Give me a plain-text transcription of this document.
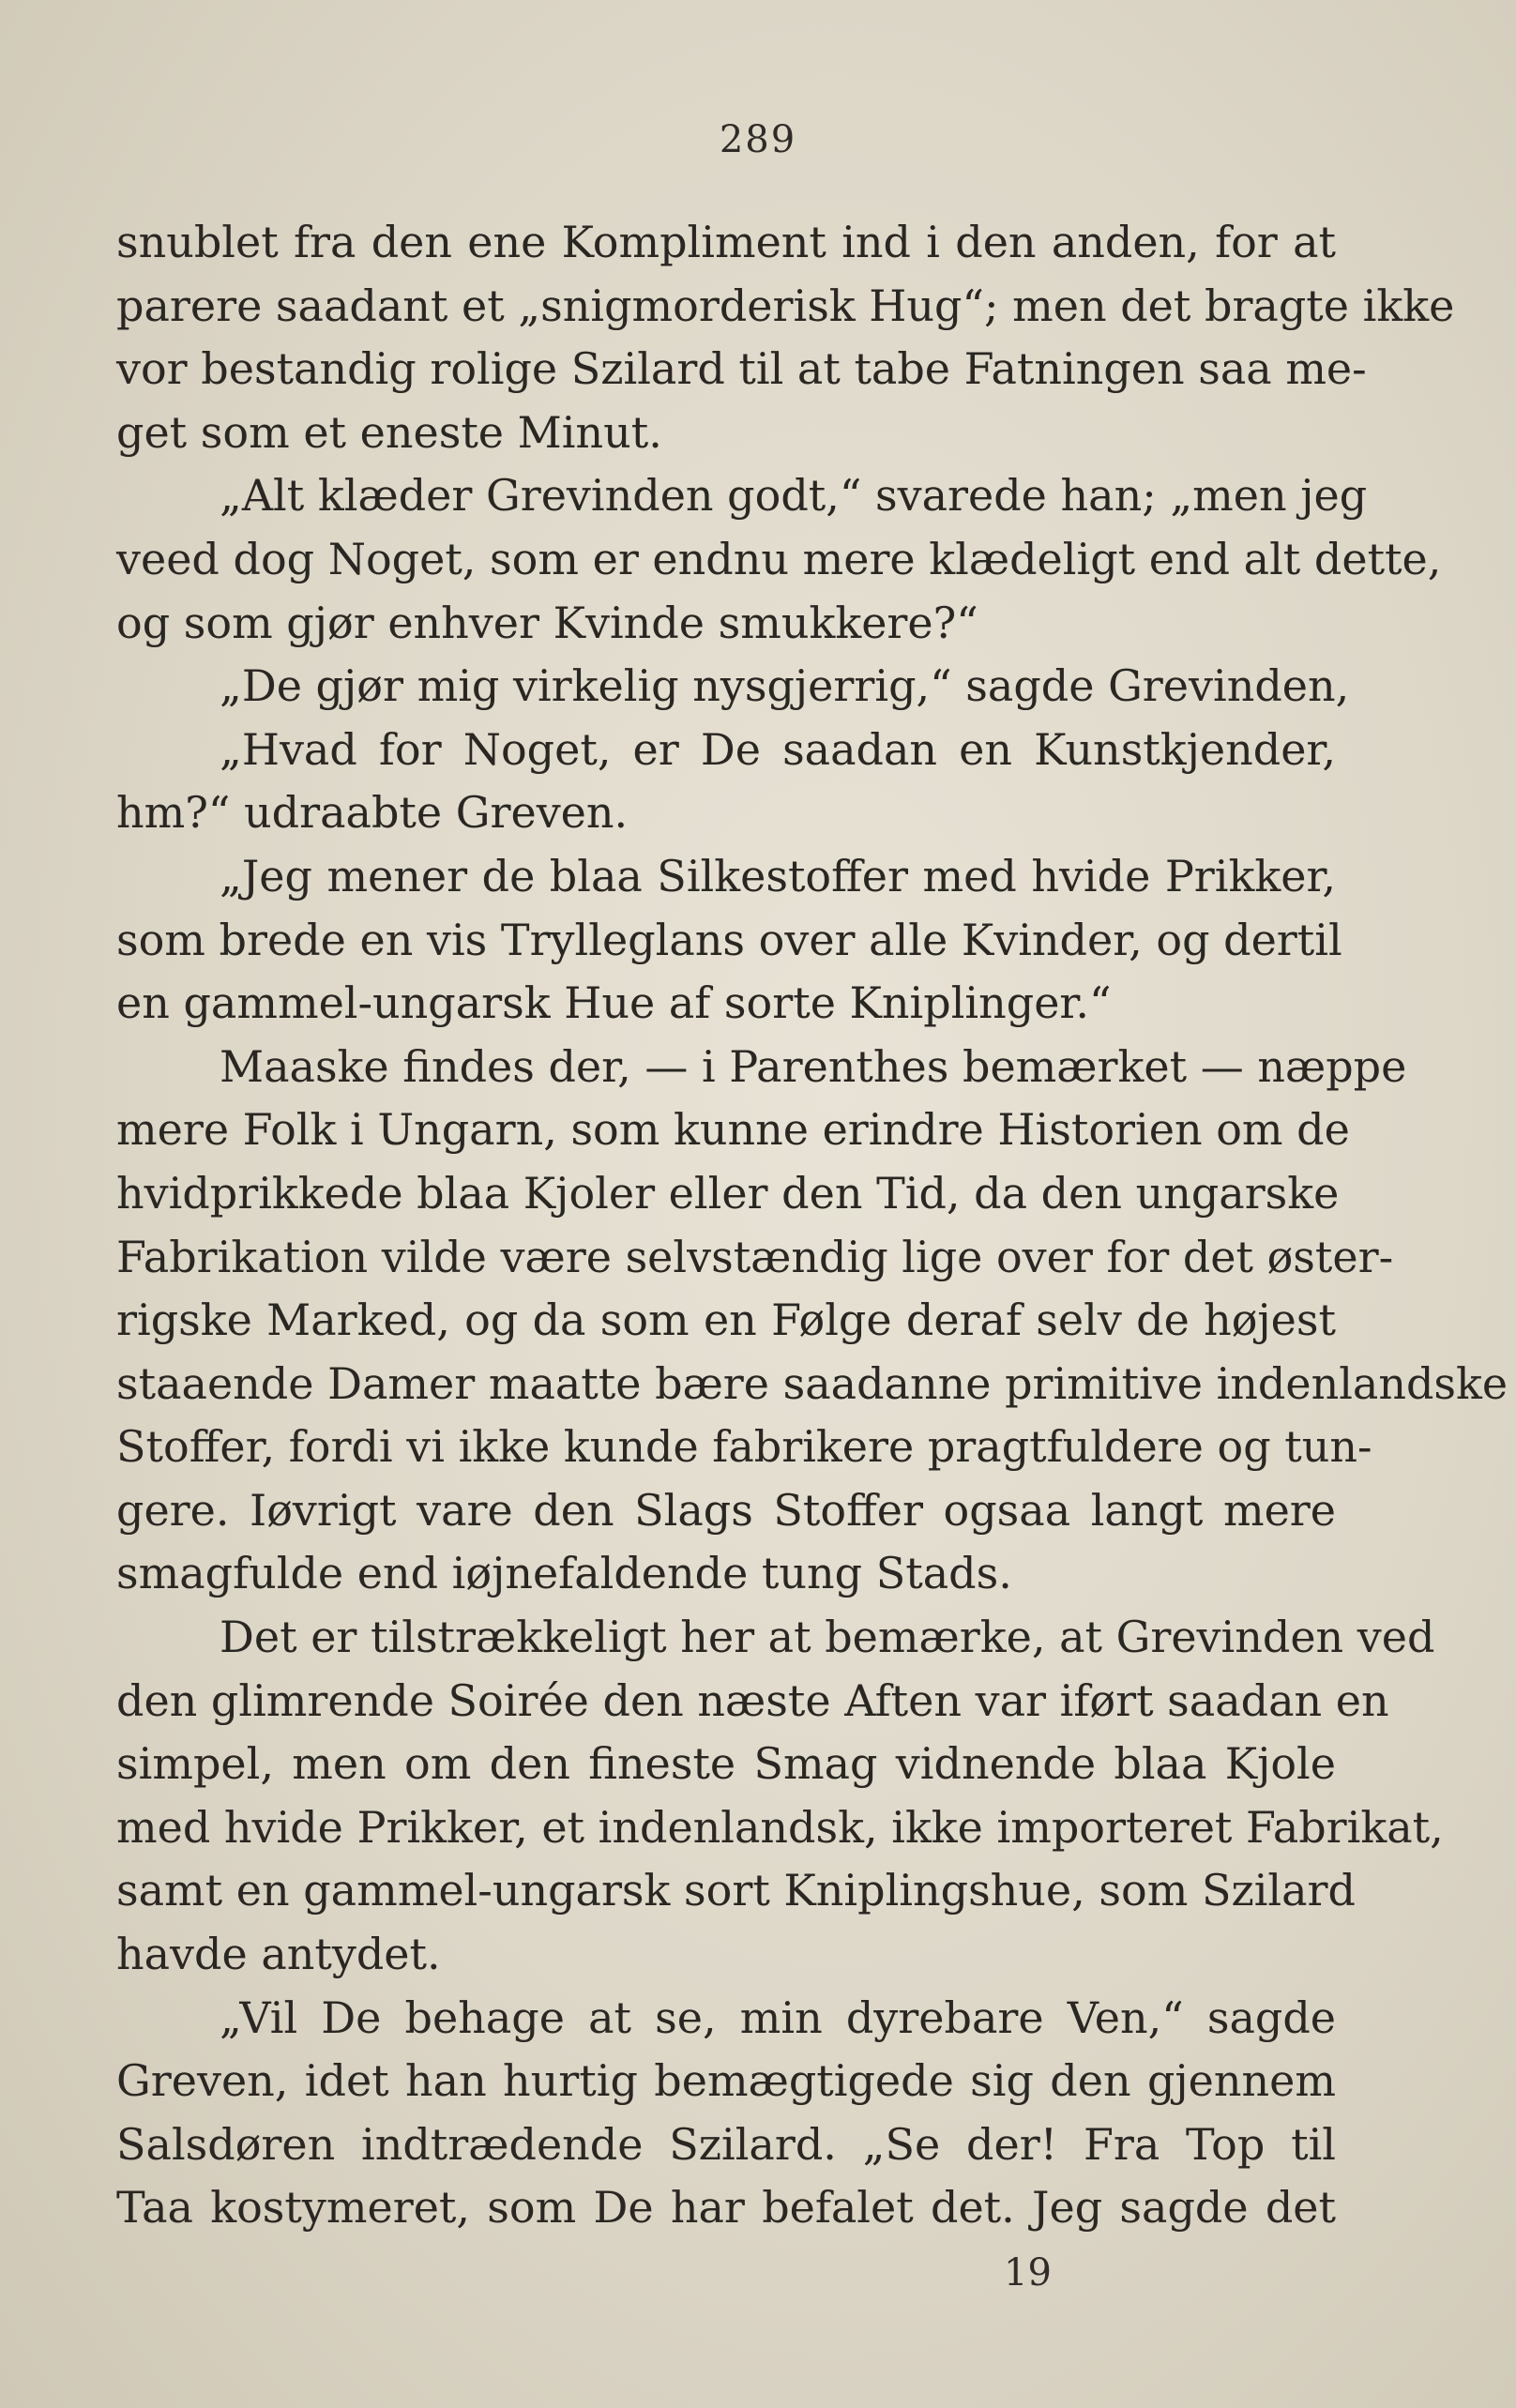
289
snublet fra den ene Kompliment ind i den anden, for at
parere saadant et „snigmorderisk Hug“; men det bragte ikke
vor bestandig rolige Szilard til at tabe Fatningen saa me-
get som et eneste Minut.
„Alt klæder Grevinden godt,“ svarede han; „men jeg
veed dog Noget, som er endnu mere klædeligt end alt dette,
og som gjør enhver Kvinde smukkere?“
„De gjør mig virkelig nysgjerrig,“ sagde Grevinden,
„Hvad for Noget, er De saadan en Kunstkjender,
hm?“ udraabte Greven.
„Jeg mener de blaa Silkestoffer med hvide Prikker,
som brede en vis Trylleglans over alle Kvinder, og dertil
en gammel-ungarsk Hue af sorte Kniplinger.“
Maaske findes der, — i Parenthes bemærket — næppe
mere Folk i Ungarn, som kunne erindre Historien om de
hvidprikkede blaa Kjoler eller den Tid, da den ungarske
Fabrikation vilde være selvstændig lige over for det øster-
rigske Marked, og da som en Følge deraf selv de højest
staaende Damer maatte bære saadanne primitive indenlandske
Stoffer, fordi vi ikke kunde fabrikere pragtfuldere og tun-
gere. Iøvrigt vare den Slags Stoffer ogsaa langt mere
smagfulde end iøjnefaldende tung Stads.
Det er tilstrækkeligt her at bemærke, at Grevinden ved
den glimrende Soirée den næste Aften var iført saadan en
simpel, men om den fineste Smag vidnende blaa Kjole
med hvide Prikker, et indenlandsk, ikke importeret Fabrikat,
samt en gammel-ungarsk sort Kniplingshue, som Szilard
havde antydet.
„Vil De behage at se, min dyrebare Ven,“ sagde
Greven, idet han hurtig bemægtigede sig den gjennem
Salsdøren indtrædende Szilard. „Se der! Fra Top til
Taa kostymeret, som De har befalet det. Jeg sagde det
19
